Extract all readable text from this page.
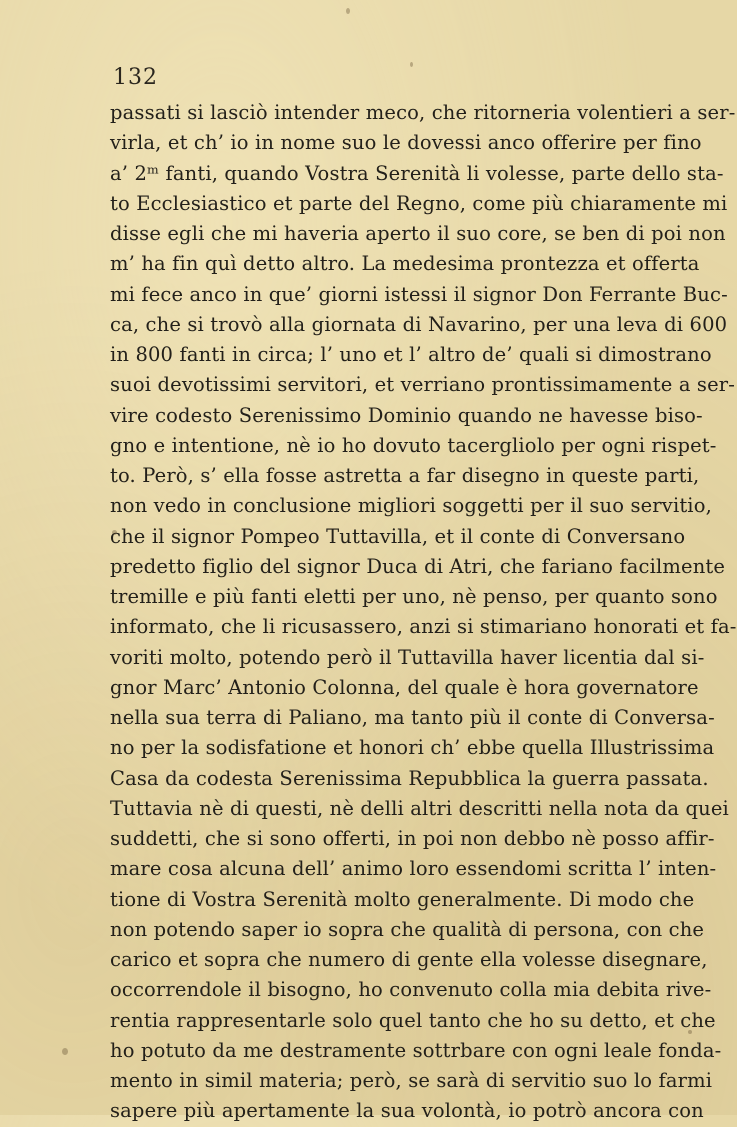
132
passati si lasciò intender meco, che ritorneria volentieri a ser-
virla, et ch’ io in nome suo le dovessi anco offerire per fino
a’ 2ᵐ fanti, quando Vostra Serenità li volesse, parte dello sta-
to Ecclesiastico et parte del Regno, come più chiaramente mi
disse egli che mi haveria aperto il suo core, se ben di poi non
m’ ha fin quì detto altro. La medesima prontezza et offerta
mi fece anco in que’ giorni istessi il signor Don Ferrante Buc-
ca, che si trovò alla giornata di Navarino, per una leva di 600
in 800 fanti in circa; l’ uno et l’ altro de’ quali si dimostrano
suoi devotissimi servitori, et verriano prontissimamente a ser-
vire codesto Serenissimo Dominio quando ne havesse biso-
gno e intentione, nè io ho dovuto tacergliolo per ogni rispet-
to. Però, s’ ella fosse astretta a far disegno in queste parti,
non vedo in conclusione migliori soggetti per il suo servitio,
che il signor Pompeo Tuttavilla, et il conte di Conversano
predetto figlio del signor Duca di Atri, che fariano facilmente
tremille e più fanti eletti per uno, nè penso, per quanto sono
informato, che li ricusassero, anzi si stimariano honorati et fa-
voriti molto, potendo però il Tuttavilla haver licentia dal si-
gnor Marc’ Antonio Colonna, del quale è hora governatore
nella sua terra di Paliano, ma tanto più il conte di Conversa-
no per la sodisfatione et honori ch’ ebbe quella Illustrissima
Casa da codesta Serenissima Repubblica la guerra passata.
Tuttavia nè di questi, nè delli altri descritti nella nota da quei
suddetti, che si sono offerti, in poi non debbo nè posso affir-
mare cosa alcuna dell’ animo loro essendomi scritta l’ inten-
tione di Vostra Serenità molto generalmente. Di modo che
non potendo saper io sopra che qualità di persona, con che
carico et sopra che numero di gente ella volesse disegnare,
occorrendole il bisogno, ho convenuto colla mia debita rive-
rentia rappresentarle solo quel tanto che ho su detto, et che
ho potuto da me destramente sottrbare con ogni leale fonda-
mento in simil materia; però, se sarà di servitio suo lo farmi
sapere più apertamente la sua volontà, io potrò ancora con
